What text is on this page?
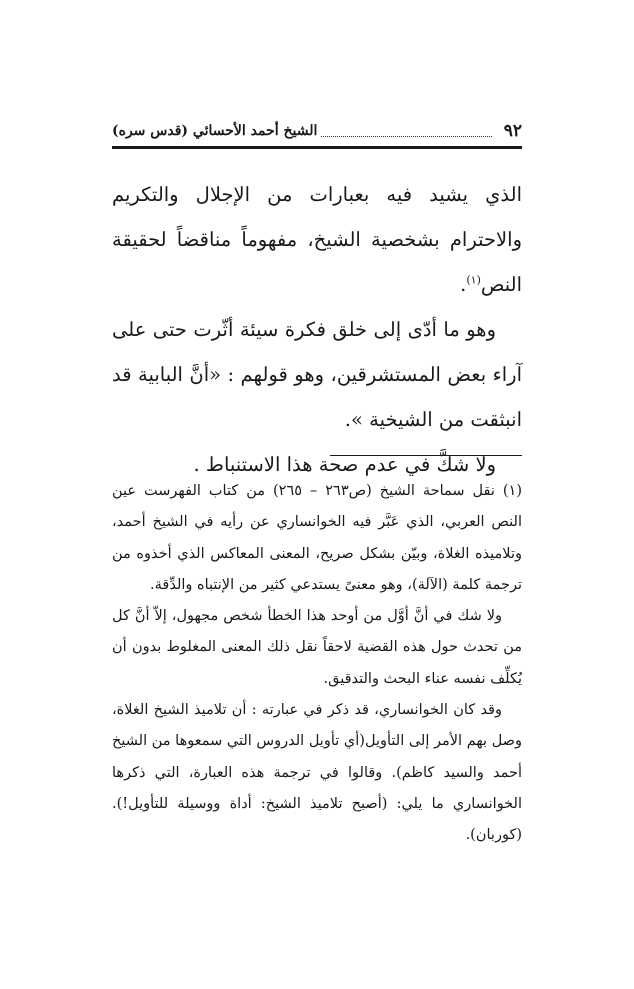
٩٢
الشيخ أحمد الأحسائي (قدس سره)

الذي يشيد فيه بعبارات من الإجلال والتكريم والاحترام بشخصية الشيخ، مفهوماً مناقضاً لحقيقة النص$^{(١)}$.

وهو ما أدّى إلى خلق فكرة سيئة أثّرت حتى على آراء بعض المستشرقين، وهو قولهم : «أنَّ البابية قد انبثقت من الشيخية ».

ولا شكَّ في عدم صحة هذا الاستنباط .

(١) نقل سماحة الشيخ (ص٢٦٣ – ٢٦٥) من كتاب الفهرست عين النص العربي، الذي عَبَّر فيه الخوانساري عن رأيه في الشيخ أحمد، وتلاميذه الغلاة، وبيّن بشكل صريح، المعنى المعاكس الذي أخذوه من ترجمة كلمة (الآلة)، وهو معنىً يستدعي كثير من الإنتباه والدِّقة.

ولا شك في أنَّ أوَّل من أوحد هذا الخطأ شخص مجهول، إلاّ أنَّ كل من تحدث حول هذه القضية لاحقاً نقل ذلك المعنى المغلوط بدون أن يُكلِّف نفسه عناء البحث والتدقيق.

وقد كان الخوانساري، قد ذكر في عبارته : أن تلاميذ الشيخ الغلاة، وصل بهم الأمر إلى التأويل(أي تأويل الدروس التي سمعوها من الشيخ أحمد والسيد كاظم). وقالوا في ترجمة هذه العبارة، التي ذكرها الخوانساري ما يلي: (أصبح تلاميذ الشيخ: أداة ووسيلة للتأويل!). (كوربان).
